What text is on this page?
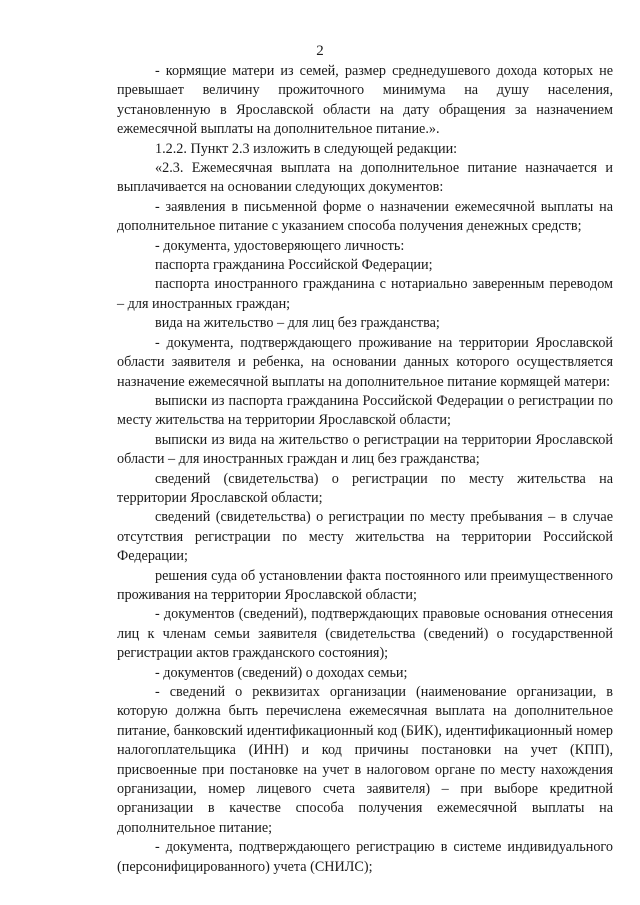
2

- кормящие матери из семей, размер среднедушевого дохода которых не превышает величину прожиточного минимума на душу населения, установленную в Ярославской области на дату обращения за назначением ежемесячной выплаты на дополнительное питание.».

1.2.2. Пункт 2.3 изложить в следующей редакции:

«2.3. Ежемесячная выплата на дополнительное питание назначается и выплачивается на основании следующих документов:

- заявления в письменной форме о назначении ежемесячной выплаты на дополнительное питание с указанием способа получения денежных средств;

- документа, удостоверяющего личность:

паспорта гражданина Российской Федерации;

паспорта иностранного гражданина с нотариально заверенным переводом – для иностранных граждан;

вида на жительство – для лиц без гражданства;

- документа, подтверждающего проживание на территории Ярославской области заявителя и ребенка, на основании данных которого осуществляется назначение ежемесячной выплаты на дополнительное питание кормящей матери:

выписки из паспорта гражданина Российской Федерации о регистрации по месту жительства на территории Ярославской области;

выписки из вида на жительство о регистрации на территории Ярославской области – для иностранных граждан и лиц без гражданства;

сведений (свидетельства) о регистрации по месту жительства на территории Ярославской области;

сведений (свидетельства) о регистрации по месту пребывания – в случае отсутствия регистрации по месту жительства на территории Российской Федерации;

решения суда об установлении факта постоянного или преимущественного проживания на территории Ярославской области;

- документов (сведений), подтверждающих правовые основания отнесения лиц к членам семьи заявителя (свидетельства (сведений) о государственной регистрации актов гражданского состояния);

- документов (сведений) о доходах семьи;

- сведений о реквизитах организации (наименование организации, в которую должна быть перечислена ежемесячная выплата на дополнительное питание, банковский идентификационный код (БИК), идентификационный номер налогоплательщика (ИНН) и код причины постановки на учет (КПП), присвоенные при постановке на учет в налоговом органе по месту нахождения организации, номер лицевого счета заявителя) – при выборе кредитной организации в качестве способа получения ежемесячной выплаты на дополнительное питание;

- документа, подтверждающего регистрацию в системе индивидуального (персонифицированного) учета (СНИЛС);
